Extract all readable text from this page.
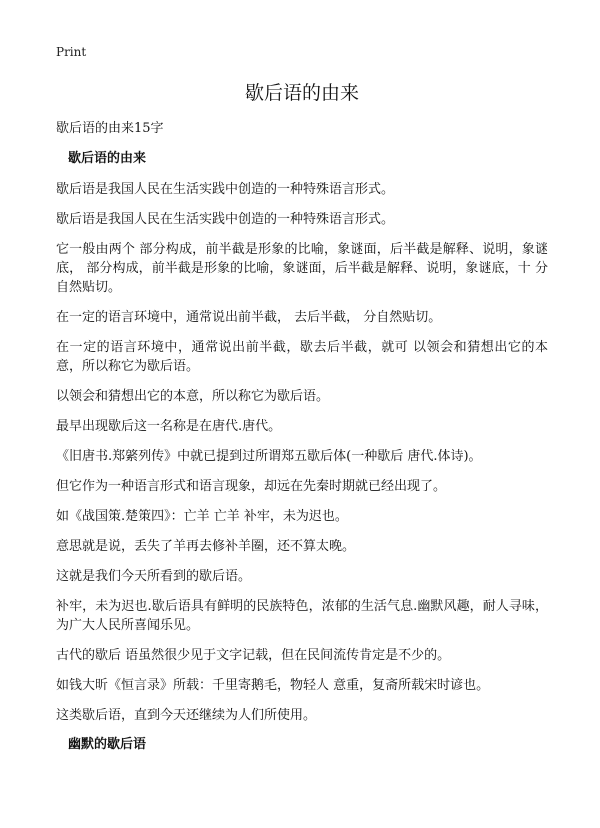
Print
歇后语的由来
歇后语的由来15字
歇后语的由来

歇后语是我国人民在生活实践中创造的一种特殊语言形式。

歇后语是我国人民在生活实践中创造的一种特殊语言形式。

它一般由两个 部分构成，前半截是形象的比喻，象谜面，后半截是解释、说明，象谜底， 部分构成，前半截是形象的比喻，象谜面，后半截是解释、说明，象谜底，十 分自然贴切。

在一定的语言环境中，通常说出前半截， 去后半截， 分自然贴切。

在一定的语言环境中，通常说出前半截，歇去后半截，就可 以领会和猜想出它的本意，所以称它为歇后语。

以领会和猜想出它的本意，所以称它为歇后语。

最早出现歇后这一名称是在唐代.唐代。

《旧唐书.郑綮列传》中就已提到过所谓郑五歇后体(一种歇后 唐代.体诗)。

但它作为一种语言形式和语言现象，却远在先秦时期就已经出现了。

如《战国策.楚策四》：亡羊 亡羊 补牢，未为迟也。

意思就是说，丢失了羊再去修补羊圈，还不算太晚。

这就是我们今天所看到的歇后语。

补牢，未为迟也.歇后语具有鲜明的民族特色，浓郁的生活气息.幽默风趣，耐人寻味，为广大人民所喜闻乐见。

古代的歇后 语虽然很少见于文字记载，但在民间流传肯定是不少的。

如钱大昕《恒言录》所载：千里寄鹅毛，物轻人 意重，复斋所载宋时谚也。

这类歇后语，直到今天还继续为人们所使用。

幽默的歇后语
